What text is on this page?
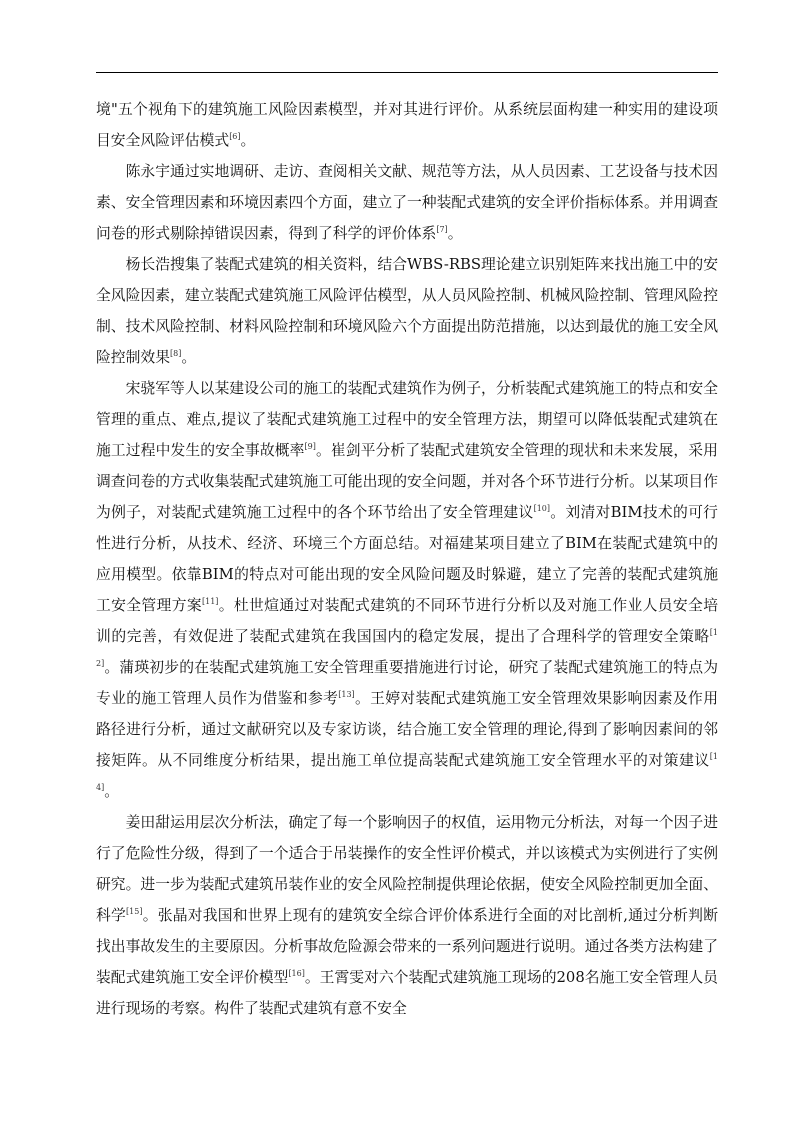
境"五个视角下的建筑施工风险因素模型，并对其进行评价。从系统层面构建一种实用的建设项目安全风险评估模式[6]。

陈永宇通过实地调研、走访、查阅相关文献、规范等方法，从人员因素、工艺设备与技术因素、安全管理因素和环境因素四个方面，建立了一种装配式建筑的安全评价指标体系。并用调查问卷的形式剔除掉错误因素，得到了科学的评价体系[7]。

杨长浩搜集了装配式建筑的相关资料，结合WBS-RBS理论建立识别矩阵来找出施工中的安全风险因素，建立装配式建筑施工风险评估模型，从人员风险控制、机械风险控制、管理风险控制、技术风险控制、材料风险控制和环境风险六个方面提出防范措施，以达到最优的施工安全风险控制效果[8]。

宋骁军等人以某建设公司的施工的装配式建筑作为例子，分析装配式建筑施工的特点和安全管理的重点、难点,提议了装配式建筑施工过程中的安全管理方法，期望可以降低装配式建筑在施工过程中发生的安全事故概率[9]。崔剑平分析了装配式建筑安全管理的现状和未来发展，采用调查问卷的方式收集装配式建筑施工可能出现的安全问题，并对各个环节进行分析。以某项目作为例子，对装配式建筑施工过程中的各个环节给出了安全管理建议[10]。刘清对BIM技术的可行性进行分析，从技术、经济、环境三个方面总结。对福建某项目建立了BIM在装配式建筑中的应用模型。依靠BIM的特点对可能出现的安全风险问题及时躲避，建立了完善的装配式建筑施工安全管理方案[11]。杜世煊通过对装配式建筑的不同环节进行分析以及对施工作业人员安全培训的完善，有效促进了装配式建筑在我国国内的稳定发展，提出了合理科学的管理安全策略[12]。蒲瑛初步的在装配式建筑施工安全管理重要措施进行讨论，研究了装配式建筑施工的特点为专业的施工管理人员作为借鉴和参考[13]。王婷对装配式建筑施工安全管理效果影响因素及作用路径进行分析，通过文献研究以及专家访谈，结合施工安全管理的理论,得到了影响因素间的邻接矩阵。从不同维度分析结果，提出施工单位提高装配式建筑施工安全管理水平的对策建议[14]。

姜田甜运用层次分析法，确定了每一个影响因子的权值，运用物元分析法，对每一个因子进行了危险性分级，得到了一个适合于吊装操作的安全性评价模式，并以该模式为实例进行了实例研究。进一步为装配式建筑吊装作业的安全风险控制提供理论依据，使安全风险控制更加全面、科学[15]。张晶对我国和世界上现有的建筑安全综合评价体系进行全面的对比剖析,通过分析判断找出事故发生的主要原因。分析事故危险源会带来的一系列问题进行说明。通过各类方法构建了装配式建筑施工安全评价模型[16]。王霄雯对六个装配式建筑施工现场的208名施工安全管理人员进行现场的考察。构件了装配式建筑有意不安全
